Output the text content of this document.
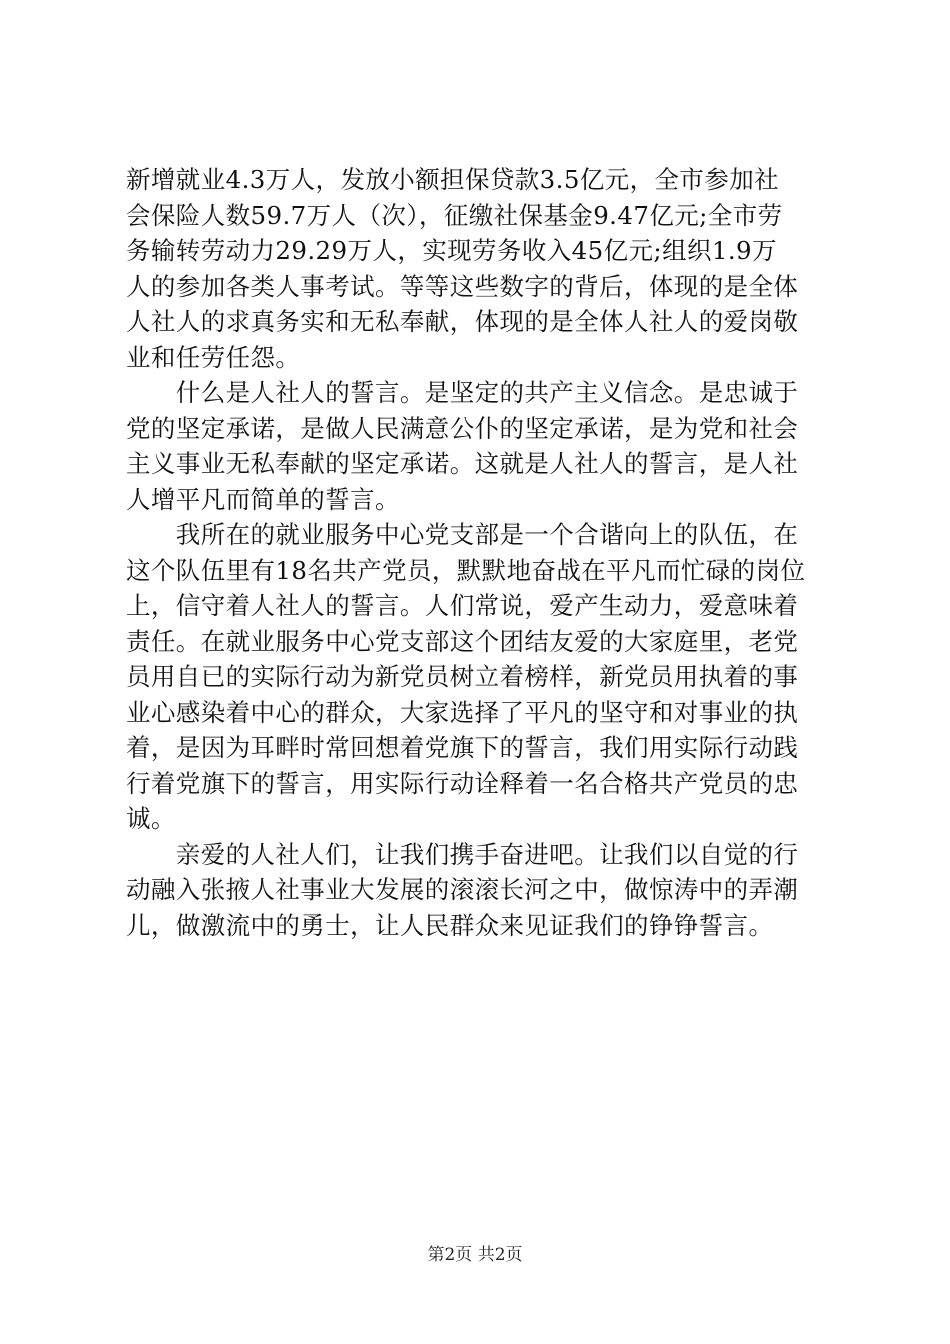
新增就业4.3万人，发放小额担保贷款3.5亿元，全市参加社
会保险人数59.7万人（次），征缴社保基金9.47亿元;全市劳
务输转劳动力29.29万人，实现劳务收入45亿元;组织1.9万
人的参加各类人事考试。等等这些数字的背后，体现的是全体
人社人的求真务实和无私奉献，体现的是全体人社人的爱岗敬
业和任劳任怨。
　　什么是人社人的誓言。是坚定的共产主义信念。是忠诚于
党的坚定承诺，是做人民满意公仆的坚定承诺，是为党和社会
主义事业无私奉献的坚定承诺。这就是人社人的誓言，是人社
人增平凡而简单的誓言。
　　我所在的就业服务中心党支部是一个合谐向上的队伍，在
这个队伍里有18名共产党员，默默地奋战在平凡而忙碌的岗位
上，信守着人社人的誓言。人们常说，爱产生动力，爱意味着
责任。在就业服务中心党支部这个团结友爱的大家庭里，老党
员用自已的实际行动为新党员树立着榜样，新党员用执着的事
业心感染着中心的群众，大家选择了平凡的坚守和对事业的执
着，是因为耳畔时常回想着党旗下的誓言，我们用实际行动践
行着党旗下的誓言，用实际行动诠释着一名合格共产党员的忠
诚。
　　亲爱的人社人们，让我们携手奋进吧。让我们以自觉的行
动融入张掖人社事业大发展的滚滚长河之中，做惊涛中的弄潮
儿，做激流中的勇士，让人民群众来见证我们的铮铮誓言。
第2页 共2页
